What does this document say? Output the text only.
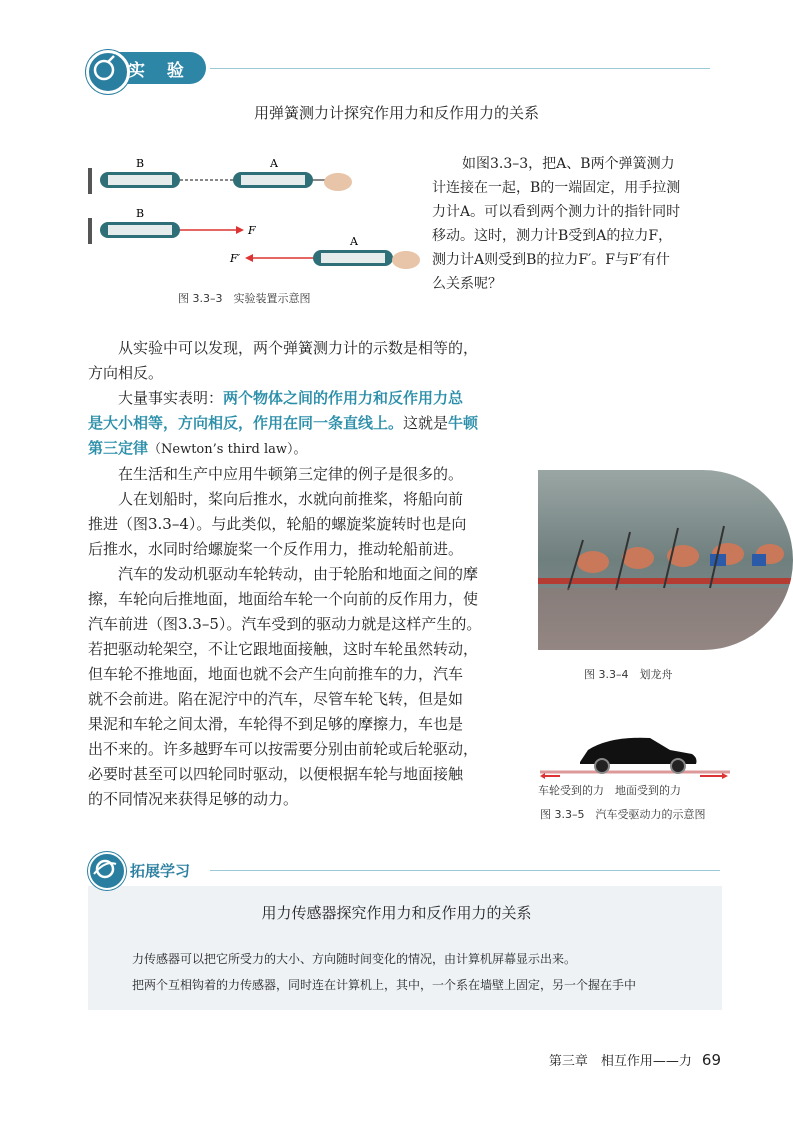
实 验
用弹簧测力计探究作用力和反作用力的关系
B	A
B
F
F′
A
图 3.3–3　实验装置示意图
如图3.3–3，把A、B两个弹簧测力
计连接在一起，B的一端固定，用手拉测
力计A。可以看到两个测力计的指针同时
移动。这时，测力计B受到A的拉力F，
测力计A则受到B的拉力F′。F与F′有什
么关系呢？
从实验中可以发现，两个弹簧测力计的示数是相等的，
方向相反。
大量事实表明：两个物体之间的作用力和反作用力总
是大小相等，方向相反，作用在同一条直线上。这就是牛顿
第三定律（Newton’s third law）。
在生活和生产中应用牛顿第三定律的例子是很多的。
人在划船时，桨向后推水，水就向前推桨，将船向前
推进（图3.3–4）。与此类似，轮船的螺旋桨旋转时也是向
后推水，水同时给螺旋桨一个反作用力，推动轮船前进。
汽车的发动机驱动车轮转动，由于轮胎和地面之间的摩
擦，车轮向后推地面，地面给车轮一个向前的反作用力，使
汽车前进（图3.3–5）。汽车受到的驱动力就是这样产生的。
若把驱动轮架空，不让它跟地面接触，这时车轮虽然转动，
但车轮不推地面，地面也就不会产生向前推车的力，汽车
就不会前进。陷在泥泞中的汽车，尽管车轮飞转，但是如
果泥和车轮之间太滑，车轮得不到足够的摩擦力，车也是
出不来的。许多越野车可以按需要分别由前轮或后轮驱动，
必要时甚至可以四轮同时驱动，以便根据车轮与地面接触
的不同情况来获得足够的动力。
图 3.3–4　划龙舟
车轮受到的力　 地面受到的力
图 3.3–5　汽车受驱动力的示意图
拓展学习
用力传感器探究作用力和反作用力的关系
力传感器可以把它所受力的大小、方向随时间变化的情况，由计算机屏幕显示出来。
把两个互相钩着的力传感器，同时连在计算机上，其中，一个系在墙壁上固定，另一个握在手中
第三章　相互作用——力 69
